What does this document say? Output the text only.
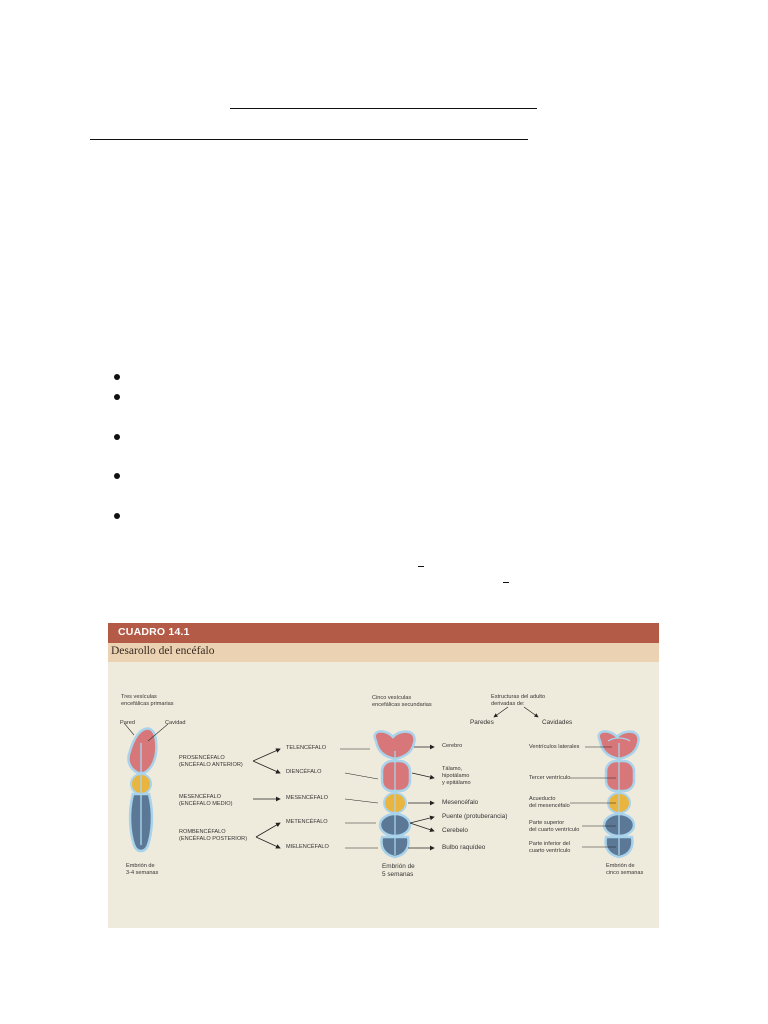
CUADRO 14.1
Desarollo del encéfalo
Tres vesículas
encefálicas primarias
Pared	Cavidad
PROSENCÉFALO
(ENCÉFALO ANTERIOR)
MESENCÉFALO
(ENCÉFALO MEDIO)
ROMBENCÉFALO
(ENCÉFALO POSTERIOR)
Embrión de
3-4 semanas
TELENCÉFALO
DIENCÉFALO
MESENCÉFALO
METENCÉFALO
MIELENCÉFALO
Cinco vesículas
encefálicas secundarias
Embrión de
5 semanas
Estructuras del adulto
derivadas de:
Paredes	Cavidades
Cerebro
Tálamo,
hipotálamo
y epitálamo
Mesencéfalo
Puente (protuberancia)
Cerebelo
Bulbo raquídeo
Ventrículos laterales
Tercer ventrículo
Acueducto
del mesencéfalo
Parte superior
del cuarto ventrículo
Parte inferior del
cuarto ventrículo
Embrión de
cinco semanas
